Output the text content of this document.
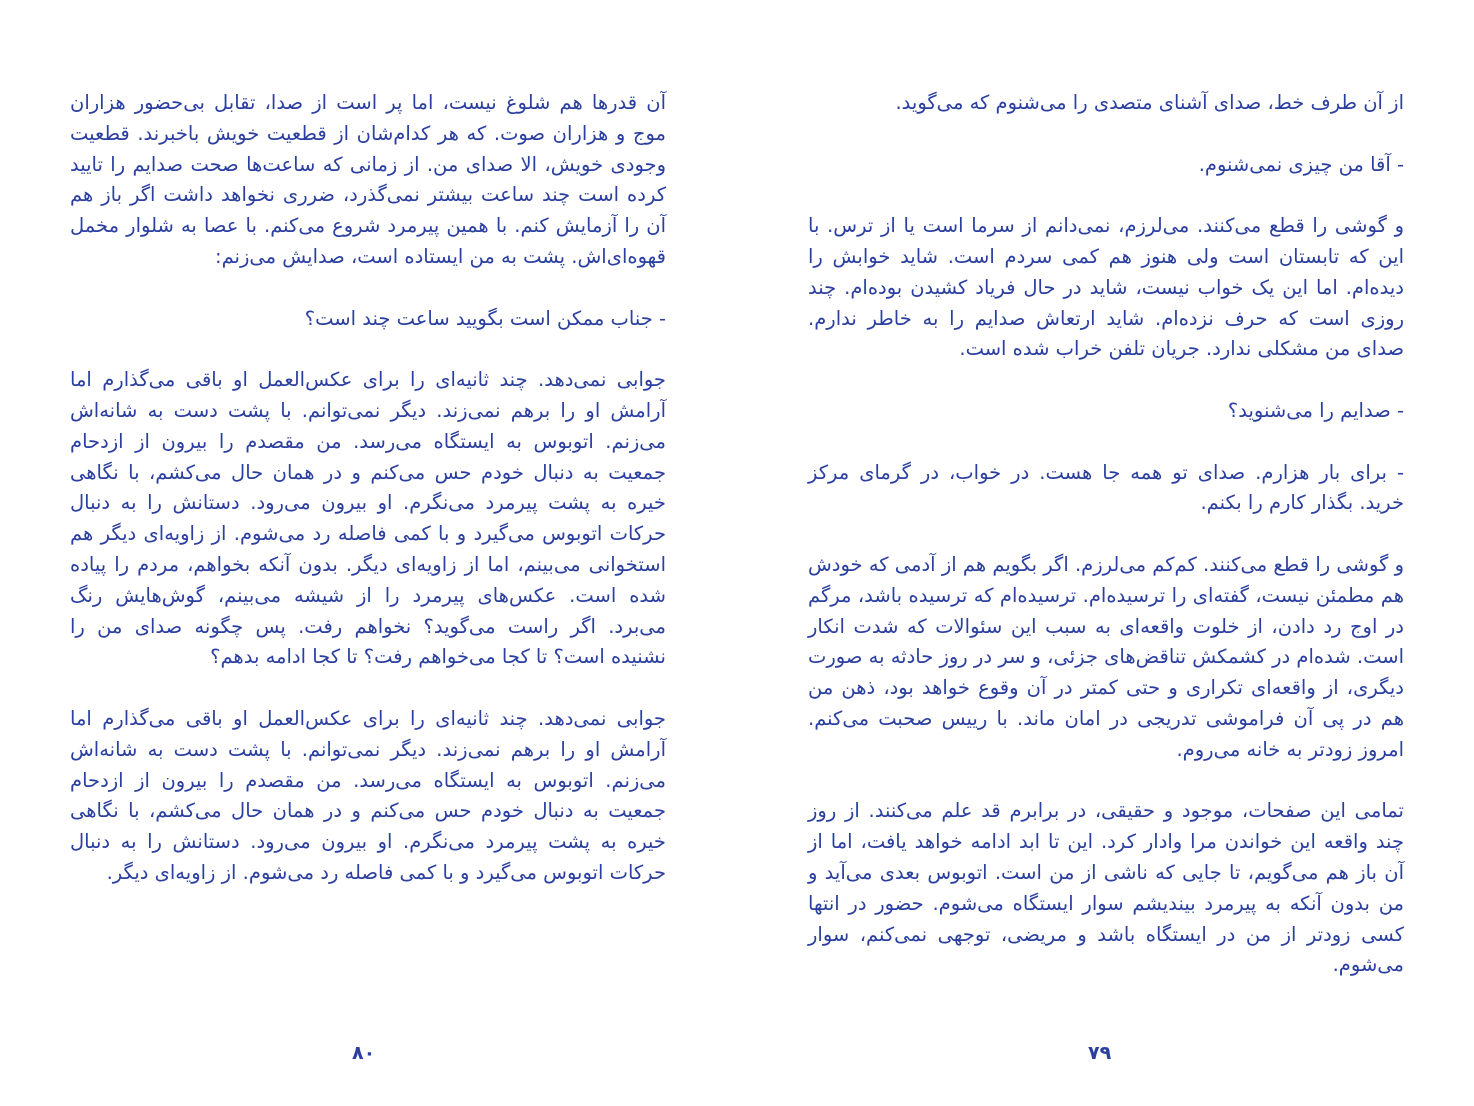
آن قدرها هم شلوغ نیست، اما پر است از صدا، تقابل بی‌حضور هزاران موج و هزاران صوت. که هر کدام‌شان از قطعیت خویش باخبرند. قطعیت وجودی خویش، الا صدای من. از زمانی که ساعت‌ها صحت صدایم را تایید کرده است چند ساعت بیشتر نمی‌گذرد، ضرری نخواهد داشت اگر باز هم آن را آزمایش کنم. با همین پیرمرد شروع می‌کنم. با عصا به شلوار مخمل قهوه‌ای‌اش. پشت به من ایستاده است، صدایش می‌زنم:

- جناب ممکن است بگویید ساعت چند است؟

جوابی نمی‌دهد. چند ثانیه‌ای را برای عکس‌العمل او باقی می‌گذارم اما آرامش او را برهم نمی‌زند. دیگر نمی‌توانم. با پشت دست به شانه‌اش می‌زنم. اتوبوس به ایستگاه می‌رسد. من مقصدم را بیرون از ازدحام جمعیت به دنبال خودم حس می‌کنم و در همان حال می‌کشم، با نگاهی خیره به پشت پیرمرد می‌نگرم. او بیرون می‌رود. دستانش را به دنبال حرکات اتوبوس می‌گیرد و با کمی فاصله رد می‌شوم. از زاویه‌ای دیگر هم استخوانی می‌بینم، اما از زاویه‌ای دیگر. بدون آنکه بخواهم، مردم را پیاده شده است. عکس‌های پیرمرد را از شیشه می‌بینم، گوش‌هایش رنگ می‌برد. اگر راست می‌گوید؟ نخواهم رفت. پس چگونه صدای من را نشنیده است؟ تا کجا می‌خواهم رفت؟ تا کجا ادامه بدهم؟

جوابی نمی‌دهد. چند ثانیه‌ای را برای عکس‌العمل او باقی می‌گذارم اما آرامش او را برهم نمی‌زند. دیگر نمی‌توانم. با پشت دست به شانه‌اش می‌زنم. اتوبوس به ایستگاه می‌رسد. من مقصدم را بیرون از ازدحام جمعیت به دنبال خودم حس می‌کنم و در همان حال می‌کشم، با نگاهی خیره به پشت پیرمرد می‌نگرم. او بیرون می‌رود. دستانش را به دنبال حرکات اتوبوس می‌گیرد و با کمی فاصله رد می‌شوم. از زاویه‌ای دیگر.

از آن طرف خط، صدای آشنای متصدی را می‌شنوم که می‌گوید.

- آقا من چیزی نمی‌شنوم.

و گوشی را قطع می‌کنند. می‌لرزم، نمی‌دانم از سرما است یا از ترس. با این که تابستان است ولی هنوز هم کمی سردم است. شاید خوابش را دیده‌ام. اما این یک خواب نیست، شاید در حال فریاد کشیدن بوده‌ام. چند روزی است که حرف نزده‌ام. شاید ارتعاش صدایم را به خاطر ندارم. صدای من مشکلی ندارد. جریان تلفن خراب شده است.

- صدایم را می‌شنوید؟

- برای بار هزارم. صدای تو همه جا هست. در خواب، در گرمای مرکز خرید. بگذار کارم را بکنم.

و گوشی را قطع می‌کنند. کم‌کم می‌لرزم. اگر بگویم هم از آدمی که خودش هم مطمئن نیست، گفته‌ای را ترسیده‌ام. ترسیده‌ام که ترسیده باشد، مرگم در اوج رد دادن، از خلوت واقعه‌ای به سبب این سئوالات که شدت انکار است. شده‌ام در کشمکش تناقض‌های جزئی، و سر در روز حادثه به صورت دیگری، از واقعه‌ای تکراری و حتی کمتر در آن وقوع خواهد بود، ذهن من هم در پی آن فراموشی تدریجی در امان ماند. با رییس صحبت می‌کنم. امروز زودتر به خانه می‌روم.

تمامی این صفحات، موجود و حقیقی، در برابرم قد علم می‌کنند. از روز چند واقعه این خواندن مرا وادار کرد. این تا ابد ادامه خواهد یافت، اما از آن باز هم می‌گویم، تا جایی که ناشی از من است. اتوبوس بعدی می‌آید و من بدون آنکه به پیرمرد بیندیشم سوار ایستگاه می‌شوم. حضور در انتها کسی زودتر از من در ایستگاه باشد و مریضی، توجهی نمی‌کنم، سوار می‌شوم.

۸۰	۷۹
